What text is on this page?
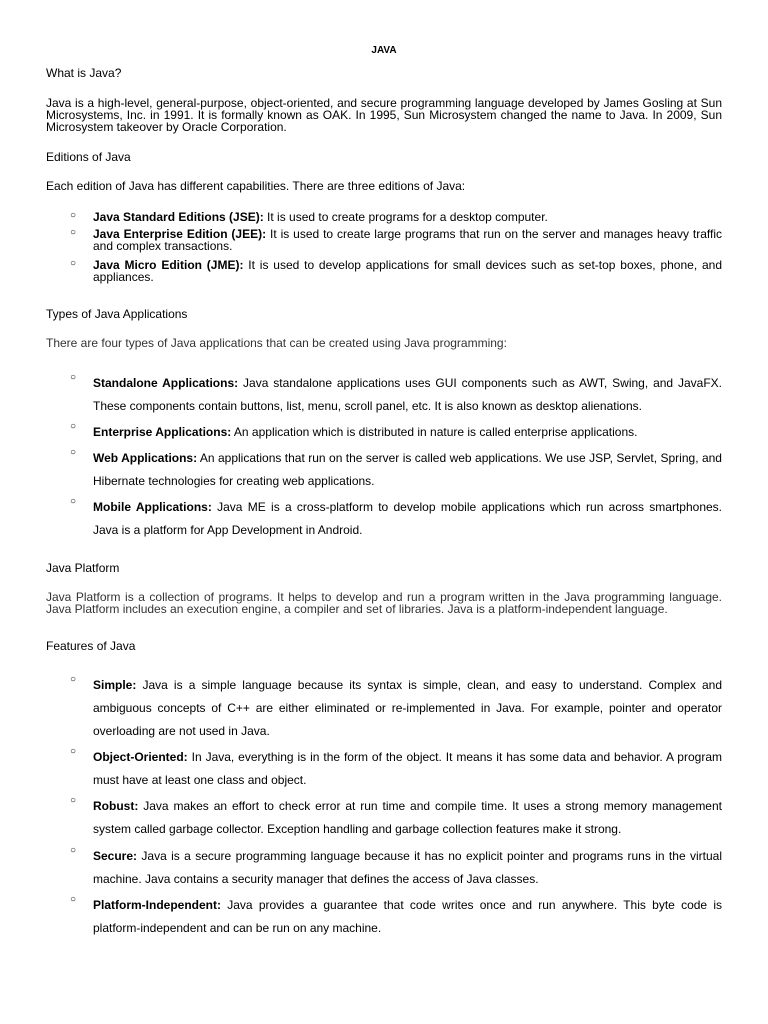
JAVA
What is Java?
Java is a high-level, general-purpose, object-oriented, and secure programming language developed by James Gosling at Sun Microsystems, Inc. in 1991. It is formally known as OAK. In 1995, Sun Microsystem changed the name to Java. In 2009, Sun Microsystem takeover by Oracle Corporation.
Editions of Java
Each edition of Java has different capabilities. There are three editions of Java:
○ Java Standard Editions (JSE): It is used to create programs for a desktop computer.
○ Java Enterprise Edition (JEE): It is used to create large programs that run on the server and manages heavy traffic and complex transactions.
○ Java Micro Edition (JME): It is used to develop applications for small devices such as set-top boxes, phone, and appliances.
Types of Java Applications
There are four types of Java applications that can be created using Java programming:
○ Standalone Applications: Java standalone applications uses GUI components such as AWT, Swing, and JavaFX. These components contain buttons, list, menu, scroll panel, etc. It is also known as desktop alienations.
○ Enterprise Applications: An application which is distributed in nature is called enterprise applications.
○ Web Applications: An applications that run on the server is called web applications. We use JSP, Servlet, Spring, and Hibernate technologies for creating web applications.
○ Mobile Applications: Java ME is a cross-platform to develop mobile applications which run across smartphones. Java is a platform for App Development in Android.
Java Platform
Java Platform is a collection of programs. It helps to develop and run a program written in the Java programming language. Java Platform includes an execution engine, a compiler and set of libraries. Java is a platform-independent language.
Features of Java
○ Simple: Java is a simple language because its syntax is simple, clean, and easy to understand. Complex and ambiguous concepts of C++ are either eliminated or re-implemented in Java. For example, pointer and operator overloading are not used in Java.
○ Object-Oriented: In Java, everything is in the form of the object. It means it has some data and behavior. A program must have at least one class and object.
○ Robust: Java makes an effort to check error at run time and compile time. It uses a strong memory management system called garbage collector. Exception handling and garbage collection features make it strong.
○ Secure: Java is a secure programming language because it has no explicit pointer and programs runs in the virtual machine. Java contains a security manager that defines the access of Java classes.
○ Platform-Independent: Java provides a guarantee that code writes once and run anywhere. This byte code is platform-independent and can be run on any machine.
